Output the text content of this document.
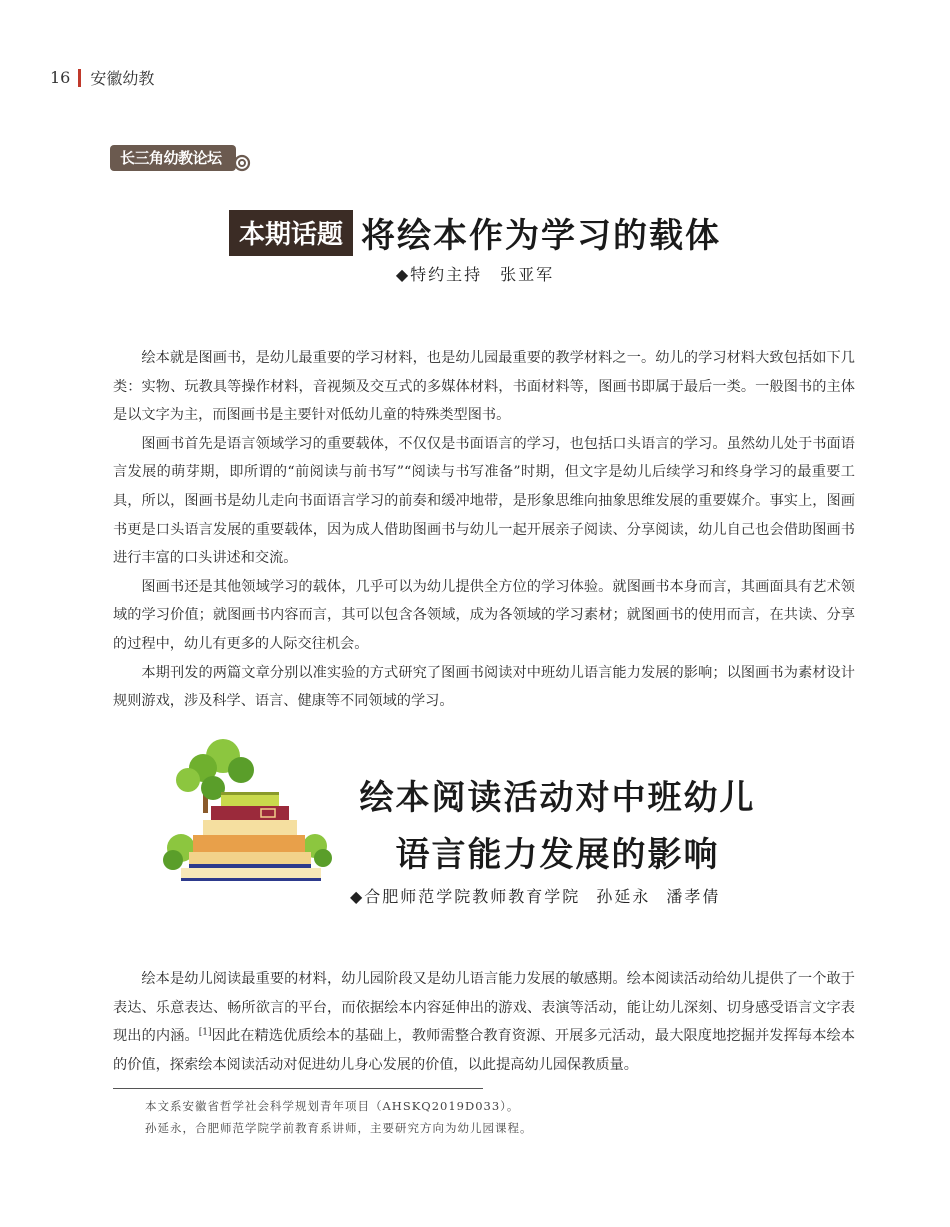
16 安徽幼教
长三角幼教论坛
本期话题 将绘本作为学习的载体
◆特约主持 张亚军

绘本就是图画书，是幼儿最重要的学习材料，也是幼儿园最重要的教学材料之一。幼儿的学习材料大致包括如下几类：实物、玩教具等操作材料，音视频及交互式的多媒体材料，书面材料等，图画书即属于最后一类。一般图书的主体是以文字为主，而图画书是主要针对低幼儿童的特殊类型图书。

图画书首先是语言领域学习的重要载体，不仅仅是书面语言的学习，也包括口头语言的学习。虽然幼儿处于书面语言发展的萌芽期，即所谓的“前阅读与前书写”“阅读与书写准备”时期，但文字是幼儿后续学习和终身学习的最重要工具，所以，图画书是幼儿走向书面语言学习的前奏和缓冲地带，是形象思维向抽象思维发展的重要媒介。事实上，图画书更是口头语言发展的重要载体，因为成人借助图画书与幼儿一起开展亲子阅读、分享阅读，幼儿自己也会借助图画书进行丰富的口头讲述和交流。

图画书还是其他领域学习的载体，几乎可以为幼儿提供全方位的学习体验。就图画书本身而言，其画面具有艺术领域的学习价值；就图画书内容而言，其可以包含各领域，成为各领域的学习素材；就图画书的使用而言，在共读、分享的过程中，幼儿有更多的人际交往机会。

本期刊发的两篇文章分别以准实验的方式研究了图画书阅读对中班幼儿语言能力发展的影响；以图画书为素材设计规则游戏，涉及科学、语言、健康等不同领域的学习。

绘本阅读活动对中班幼儿
语言能力发展的影响
◆合肥师范学院教师教育学院 孙延永 潘孝倩

绘本是幼儿阅读最重要的材料，幼儿园阶段又是幼儿语言能力发展的敏感期。绘本阅读活动给幼儿提供了一个敢于表达、乐意表达、畅所欲言的平台，而依据绘本内容延伸出的游戏、表演等活动，能让幼儿深刻、切身感受语言文字表现出的内涵。[1]因此在精选优质绘本的基础上，教师需整合教育资源、开展多元活动，最大限度地挖掘并发挥每本绘本的价值，探索绘本阅读活动对促进幼儿身心发展的价值，以此提高幼儿园保教质量。

本文系安徽省哲学社会科学规划青年项目（AHSKQ2019D033）。
孙延永，合肥师范学院学前教育系讲师，主要研究方向为幼儿园课程。
